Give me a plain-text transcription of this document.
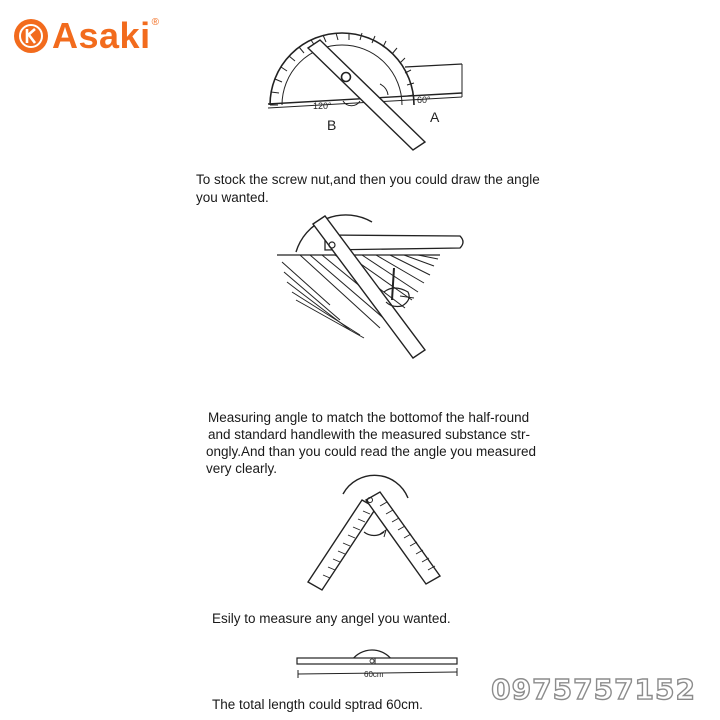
Asaki ®
120°
60°
B	A
To stock the screw nut,and then you could draw the angle
you wanted.
Measuring angle to match the bottomof the half-round
and standard handlewith the measured substance str-
ongly.And than you could read the angle you measured
very clearly.
Esily to measure any angel you wanted.
60cm
The total length could sptrad 60cm. 0975757152
